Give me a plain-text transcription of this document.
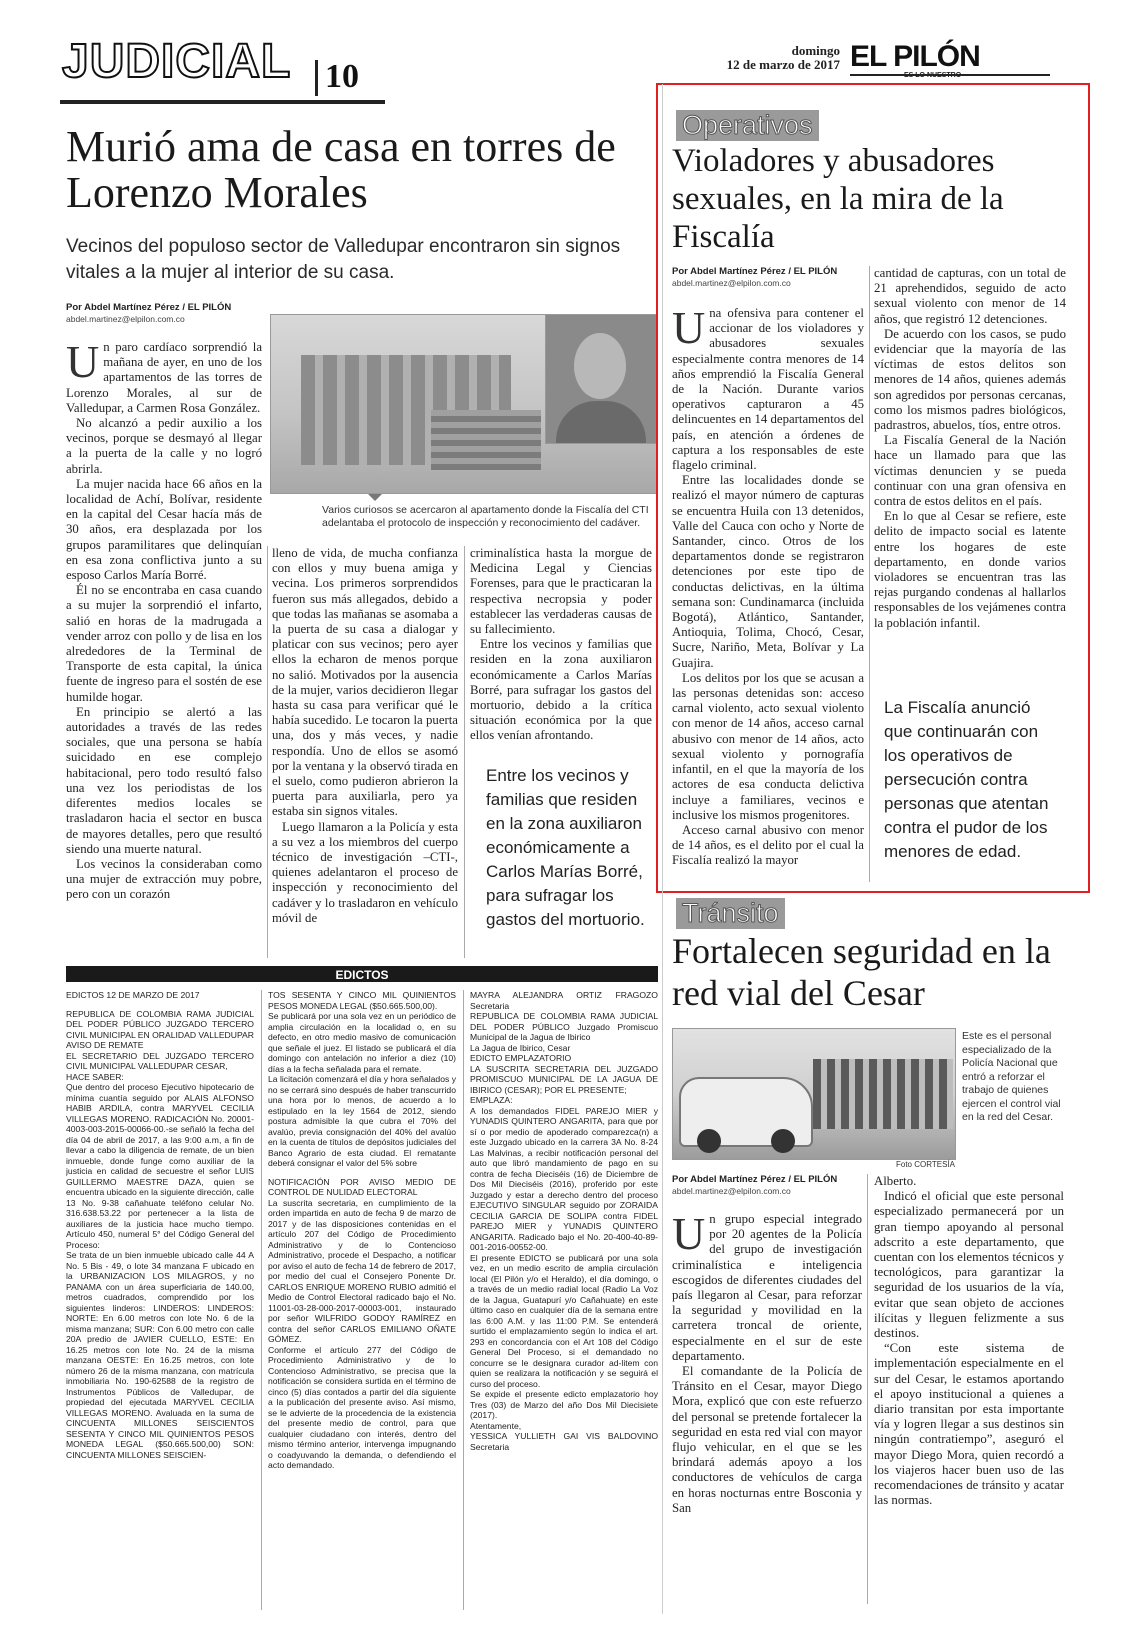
JUDICIAL 10
domingo
12 de marzo de 2017 EL PILÓN
Murió ama de casa en torres de Lorenzo Morales
Vecinos del populoso sector de Valledupar encontraron sin signos vitales a la mujer al interior de su casa.
Por Abdel Martínez Pérez / EL PILÓN
abdel.martinez@elpilon.com.co
Varios curiosos se acercaron al apartamento donde la Fiscalía del CTI adelantaba el protocolo de inspección y reconocimiento del cadáver.

Un paro cardíaco sorprendió la mañana de ayer, en uno de los apartamentos de las torres de Lorenzo Morales, al sur de Valledupar, a Carmen Rosa González.

No alcanzó a pedir auxilio a los vecinos, porque se desmayó al llegar a la puerta de la calle y no logró abrirla.

La mujer nacida hace 66 años en la localidad de Achí, Bolívar, residente en la capital del Cesar hacía más de 30 años, era desplazada por los grupos paramilitares que delinquían en esa zona conflictiva junto a su esposo Carlos María Borré.

Él no se encontraba en casa cuando a su mujer la sorprendió el infarto, salió en horas de la madrugada a vender arroz con pollo y de lisa en los alrededores de la Terminal de Transporte de esta capital, la única fuente de ingreso para el sostén de ese humilde hogar.

En principio se alertó a las autoridades a través de las redes sociales, que una persona se había suicidado en ese complejo habitacional, pero todo resultó falso una vez los periodistas de los diferentes medios locales se trasladaron hacia el sector en busca de mayores detalles, pero que resultó siendo una muerte natural.

Los vecinos la consideraban como una mujer de extracción muy pobre, pero con un corazón

lleno de vida, de mucha confianza con ellos y muy buena amiga y vecina. Los primeros sorprendidos fueron sus más allegados, debido a que todas las mañanas se asomaba a la puerta de su casa a dialogar y platicar con sus vecinos; pero ayer ellos la echaron de menos porque no salió. Motivados por la ausencia de la mujer, varios decidieron llegar hasta su casa para verificar qué le había sucedido. Le tocaron la puerta una, dos y más veces, y nadie respondía. Uno de ellos se asomó por la ventana y la observó tirada en el suelo, como pudieron abrieron la puerta para auxiliarla, pero ya estaba sin signos vitales.

Luego llamaron a la Policía y esta a su vez a los miembros del cuerpo técnico de investigación –CTI-, quienes adelantaron el proceso de inspección y reconocimiento del cadáver y lo trasladaron en vehículo móvil de

criminalística hasta la morgue de Medicina Legal y Ciencias Forenses, para que le practicaran la respectiva necropsia y poder establecer las verdaderas causas de su fallecimiento.

Entre los vecinos y familias que residen en la zona auxiliaron económicamente a Carlos Marías Borré, para sufragar los gastos del mortuorio, debido a la crítica situación económica por la que ellos venían afrontando.

Entre los vecinos y familias que residen en la zona auxiliaron económicamente a Carlos Marías Borré, para sufragar los gastos del mortuorio.
Operativos
Violadores y abusadores sexuales, en la mira de la Fiscalía
Por Abdel Martínez Pérez / EL PILÓN
abdel.martinez@elpilon.com.co

Una ofensiva para contener el accionar de los violadores y abusadores sexuales especialmente contra menores de 14 años emprendió la Fiscalía General de la Nación. Durante varios operativos capturaron a 45 delincuentes en 14 departamentos del país, en atención a órdenes de captura a los responsables de este flagelo criminal.

Entre las localidades donde se realizó el mayor número de capturas se encuentra Huila con 13 detenidos, Valle del Cauca con ocho y Norte de Santander, cinco. Otros de los departamentos donde se registraron detenciones por este tipo de conductas delictivas, en la última semana son: Cundinamarca (incluida Bogotá), Atlántico, Santander, Antioquia, Tolima, Chocó, Cesar, Sucre, Nariño, Meta, Bolívar y La Guajira.

Los delitos por los que se acusan a las personas detenidas son: acceso carnal violento, acto sexual violento con menor de 14 años, acceso carnal abusivo con menor de 14 años, acto sexual violento y pornografía infantil, en el que la mayoría de los actores de esa conducta delictiva incluye a familiares, vecinos e inclusive los mismos progenitores.

Acceso carnal abusivo con menor de 14 años, es el delito por el cual la Fiscalía realizó la mayor

cantidad de capturas, con un total de 21 aprehendidos, seguido de acto sexual violento con menor de 14 años, que registró 12 detenciones.

De acuerdo con los casos, se pudo evidenciar que la mayoría de las víctimas de estos delitos son menores de 14 años, quienes además son agredidos por personas cercanas, como los mismos padres biológicos, padrastros, abuelos, tíos, entre otros.

La Fiscalía General de la Nación hace un llamado para que las víctimas denuncien y se pueda continuar con una gran ofensiva en contra de estos delitos en el país.

En lo que al Cesar se refiere, este delito de impacto social es latente entre los hogares de este departamento, en donde varios violadores se encuentran tras las rejas purgando condenas al hallarlos responsables de los vejámenes contra la población infantil.

La Fiscalía anunció que continuarán con los operativos de persecución contra personas que atentan contra el pudor de los menores de edad.
Tránsito
Fortalecen seguridad en la red vial del Cesar
Foto CORTESÍA
Este es el personal especializado de la Policía Nacional que entró a reforzar el trabajo de quienes ejercen el control vial en la red del Cesar.
Por Abdel Martínez Pérez / EL PILÓN
abdel.martinez@elpilon.com.co

Un grupo especial integrado por 20 agentes de la Policía del grupo de investigación criminalística e inteligencia escogidos de diferentes ciudades del país llegaron al Cesar, para reforzar la seguridad y movilidad en la carretera troncal de oriente, especialmente en el sur de este departamento.

El comandante de la Policía de Tránsito en el Cesar, mayor Diego Mora, explicó que con este refuerzo del personal se pretende fortalecer la seguridad en esta red vial con mayor flujo vehicular, en el que se les brindará además apoyo a los conductores de vehículos de carga en horas nocturnas entre Bosconia y San

Alberto.

Indicó el oficial que este personal especializado permanecerá por un gran tiempo apoyando al personal adscrito a este departamento, que cuentan con los elementos técnicos y tecnológicos, para garantizar la seguridad de los usuarios de la vía, evitar que sean objeto de acciones ilícitas y lleguen felizmente a sus destinos.

“Con este sistema de implementación especialmente en el sur del Cesar, le estamos aportando el apoyo institucional a quienes a diario transitan por esta importante vía y logren llegar a sus destinos sin ningún contratiempo”, aseguró el mayor Diego Mora, quien recordó a los viajeros hacer buen uso de las recomendaciones de tránsito y acatar las normas.

EDICTOS

EDICTOS 12 DE MARZO DE 2017

REPUBLICA DE COLOMBIA RAMA JUDICIAL DEL PODER PÚBLICO JUZGADO TERCERO CIVIL MUNICIPAL EN ORALIDAD VALLEDUPAR AVISO DE REMATE

EL SECRETARIO DEL JUZGADO TERCERO CIVIL MUNICIPAL VALLEDUPAR CESAR,

HACE SABER:

Que dentro del proceso Ejecutivo hipotecario de mínima cuantía seguido por ALAIS ALFONSO HABIB ARDILA, contra MARYVEL CECILIA VILLEGAS MORENO. RADICACIÓN No. 20001-4003-003-2015-00066-00.-se señaló la fecha del día 04 de abril de 2017, a las 9:00 a.m, a fin de llevar a cabo la diligencia de remate, de un bien inmueble, donde funge como auxiliar de la justicia en calidad de secuestre el señor LUIS GUILLERMO MAESTRE DAZA, quien se encuentra ubicado en la siguiente dirección, calle 13 No. 9-38 cañahuate teléfono celular No. 316.638.53.22 por pertenecer a la lista de auxiliares de la justicia hace mucho tiempo. Artículo 450, numeral 5° del Código General del Proceso:

Se trata de un bien inmueble ubicado calle 44 A No. 5 Bis - 49, o lote 34 manzana F ubicado en la URBANIZACION LOS MILAGROS, y no PANAMA con un área superficiaria de 140.00, metros cuadrados, comprendido por los siguientes linderos: LINDEROS: LINDEROS: NORTE: En 6.00 metros con lote No. 6 de la misma manzana; SUR: Con 6.00 metro con calle 20A predio de JAVIER CUELLO, ESTE: En 16.25 metros con lote No. 24 de la misma manzana OESTE: En 16.25 metros, con lote número 26 de la misma manzana, con matrícula inmobiliaria No. 190-62588 de la registro de Instrumentos Públicos de Valledupar, de propiedad del ejecutada MARYVEL CECILIA VILLEGAS MORENO. Avaluada en la suma de CINCUENTA MILLONES SEISCIENTOS SESENTA Y CINCO MIL QUINIENTOS PESOS MONEDA LEGAL ($50.665.500,00) SON: CINCUENTA MILLONES SEISCIEN-

TOS SESENTA Y CINCO MIL QUINIENTOS PESOS MONEDA LEGAL ($50.665.500,00).

Se publicará por una sola vez en un periódico de amplia circulación en la localidad o, en su defecto, en otro medio masivo de comunicación que señale el juez. El listado se publicará el día domingo con antelación no inferior a diez (10) días a la fecha señalada para el remate.

La licitación comenzará el día y hora señalados y no se cerrará sino después de haber transcurrido una hora por lo menos, de acuerdo a lo estipulado en la ley 1564 de 2012, siendo postura admisible la que cubra el 70% del avalúo, previa consignación del 40% del avalúo en la cuenta de títulos de depósitos judiciales del Banco Agrario de esta ciudad. El rematante deberá consignar el valor del 5% sobre

NOTIFICACIÓN POR AVISO MEDIO DE CONTROL DE NULIDAD ELECTORAL

La suscrita secretaria, en cumplimiento de la orden impartida en auto de fecha 9 de marzo de 2017 y de las disposiciones contenidas en el artículo 207 del Código de Procedimiento Administrativo y de lo Contencioso Administrativo, procede el Despacho, a notificar por aviso el auto de fecha 14 de febrero de 2017, por medio del cual el Consejero Ponente Dr. CARLOS ENRIQUE MORENO RUBIO admitió el Medio de Control Electoral radicado bajo el No. 11001-03-28-000-2017-00003-001, instaurado por señor WILFRIDO GODOY RAMÍREZ en contra del señor CARLOS EMILIANO OÑATE GÓMEZ.

Conforme el artículo 277 del Código de Procedimiento Administrativo y de lo Contencioso Administrativo, se precisa que la notificación se considera surtida en el término de cinco (5) días contados a partir del día siguiente a la publicación del presente aviso. Así mismo, se le advierte de la procedencia de la existencia del presente medio de control, para que cualquier ciudadano con interés, dentro del mismo término anterior, intervenga impugnando o coadyuvando la demanda, o defendiendo el acto demandado.

MAYRA ALEJANDRA ORTIZ FRAGOZO Secretaria

REPUBLICA DE COLOMBIA RAMA JUDICIAL DEL PODER PÚBLICO Juzgado Promiscuo Municipal de la Jagua de Ibirico

La Jagua de Ibirico, Cesar

EDICTO EMPLAZATORIO

LA SUSCRITA SECRETARIA DEL JUZGADO PROMISCUO MUNICIPAL DE LA JAGUA DE IBIRICO (CESAR); POR EL PRESENTE;

EMPLAZA:

A los demandados FIDEL PAREJO MIER y YUNADIS QUINTERO ANGARITA, para que por sí o por medio de apoderado comparezca(n) a este Juzgado ubicado en la carrera 3A No. 8-24 Las Malvinas, a recibir notificación personal del auto que libró mandamiento de pago en su contra de fecha Dieciséis (16) de Diciembre de Dos Mil Dieciséis (2016), proferido por este Juzgado y estar a derecho dentro del proceso EJECUTIVO SINGULAR seguido por ZORAIDA CECILIA GARCIA DE SOLIPA contra FIDEL PAREJO MIER y YUNADIS QUINTERO ANGARITA. Radicado bajo el No. 20-400-40-89-001-2016-00552-00.

El presente EDICTO se publicará por una sola vez, en un medio escrito de amplia circulación local (El Pilón y/o el Heraldo), el día domingo, o a través de un medio radial local (Radio La Voz de la Jagua, Guatapurí y/o Cañahuate) en este último caso en cualquier día de la semana entre las 6:00 A.M. y las 11:00 P.M. Se entenderá surtido el emplazamiento según lo indica el art. 293 en concordancia con el Art 108 del Código General Del Proceso, si el demandado no concurre se le designara curador ad-litem con quien se realizara la notificación y se seguirá el curso del proceso.

Se expide el presente edicto emplazatorio hoy Tres (03) de Marzo del año Dos Mil Diecisiete (2017).

Atentamente,

YESSICA YULLIETH GAI VIS BALDOVINO Secretaria
